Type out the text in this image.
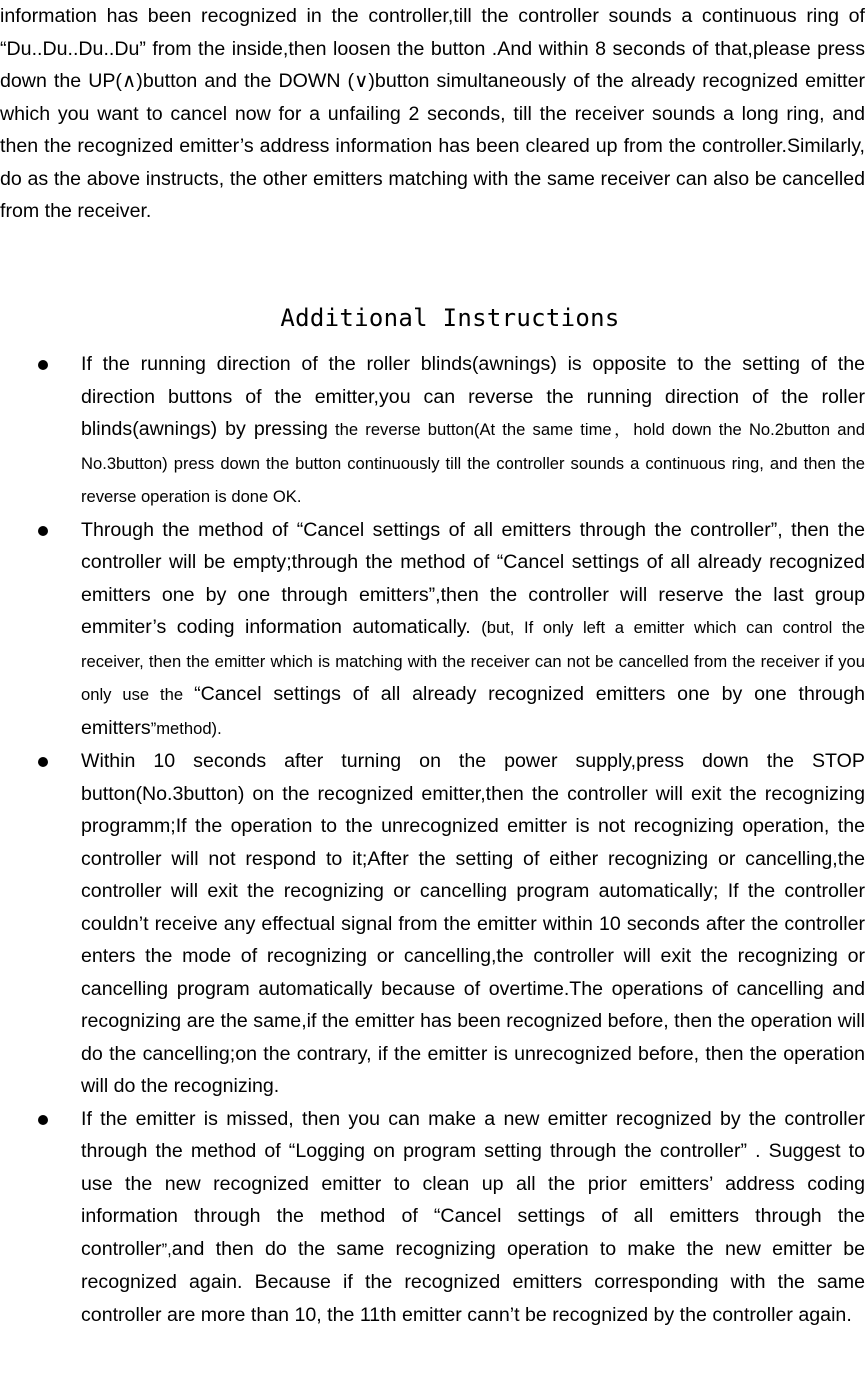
information has been recognized in the controller,till the controller sounds a continuous ring of “Du..Du..Du..Du” from the inside,then loosen the button .And within 8 seconds of that,please press down the UP(∧)button and the DOWN (∨)button simultaneously of the already recognized emitter which you want to cancel now for a unfailing 2 seconds, till the receiver sounds a long ring, and then the recognized emitter’s address information has been cleared up from the controller.Similarly, do as the above instructs, the other emitters matching with the same receiver can also be cancelled from the receiver.

Additional Instructions
If the running direction of the roller blinds(awnings) is opposite to the setting of the direction buttons of the emitter,you can reverse the running direction of the roller blinds(awnings) by pressing the reverse button(At the same time，hold down the No.2button and No.3button) press down the button continuously till the controller sounds a continuous ring, and then the reverse operation is done OK.
Through the method of “Cancel settings of all emitters through the controller”, then the controller will be empty;through the method of “Cancel settings of all already recognized emitters one by one through emitters”,then the controller will reserve the last group emmiter’s coding information automatically. (but, If only left a emitter which can control the receiver, then the emitter which is matching with the receiver can not be cancelled from the receiver if you only use the “Cancel settings of all already recognized emitters one by one through emitters”method).
Within 10 seconds after turning on the power supply,press down the STOP button(No.3button) on the recognized emitter,then the controller will exit the recognizing programm;If the operation to the unrecognized emitter is not recognizing operation, the controller will not respond to it;After the setting of either recognizing or cancelling,the controller will exit the recognizing or cancelling program automatically; If the controller couldn’t receive any effectual signal from the emitter within 10 seconds after the controller enters the mode of recognizing or cancelling,the controller will exit the recognizing or cancelling program automatically because of overtime.The operations of cancelling and recognizing are the same,if the emitter has been recognized before, then the operation will do the cancelling;on the contrary, if the emitter is unrecognized before, then the operation will do the recognizing.
If the emitter is missed, then you can make a new emitter recognized by the controller through the method of “Logging on program setting through the controller” . Suggest to use the new recognized emitter to clean up all the prior emitters’ address coding information through the method of “Cancel settings of all emitters through the controller”,and then do the same recognizing operation to make the new emitter be recognized again. Because if the recognized emitters corresponding with the same controller are more than 10, the 11th emitter cann’t be recognized by the controller again.
